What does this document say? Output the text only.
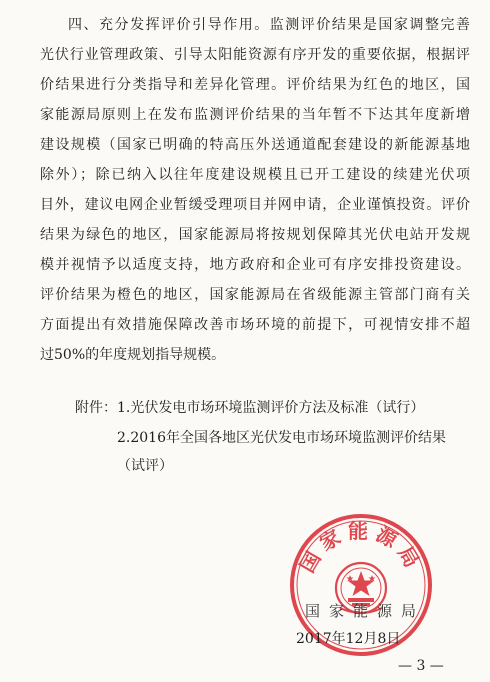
四、充分发挥评价引导作用。监测评价结果是国家调整完善
光伏行业管理政策、引导太阳能资源有序开发的重要依据，根据评
价结果进行分类指导和差异化管理。评价结果为红色的地区，国
家能源局原则上在发布监测评价结果的当年暂不下达其年度新增
建设规模（国家已明确的特高压外送通道配套建设的新能源基地
除外）；除已纳入以往年度建设规模且已开工建设的续建光伏项
目外，建议电网企业暂缓受理项目并网申请，企业谨慎投资。评价
结果为绿色的地区，国家能源局将按规划保障其光伏电站开发规
模并视情予以适度支持，地方政府和企业可有序安排投资建设。
评价结果为橙色的地区，国家能源局在省级能源主管部门商有关
方面提出有效措施保障改善市场环境的前提下，可视情安排不超
过50%的年度规划指导规模。
附件：1.光伏发电市场环境监测评价方法及标准（试行）
2.2016年全国各地区光伏发电市场环境监测评价结果
（试评）
国家能源局
国家能源局
2017年12月8日
— 3 —
